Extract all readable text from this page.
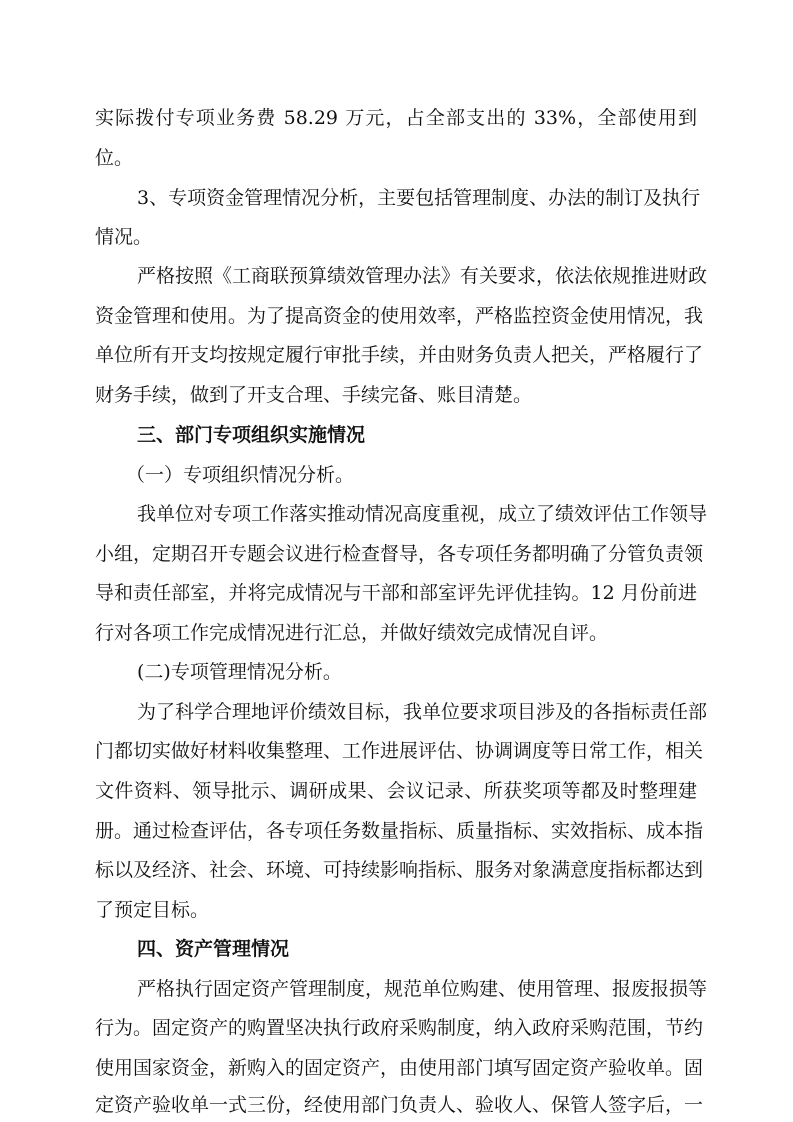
实际拨付专项业务费 58.29 万元，占全部支出的 33%，全部使用到
位。
3、专项资金管理情况分析，主要包括管理制度、办法的制订及执行
情况。
严格按照《工商联预算绩效管理办法》有关要求，依法依规推进财政
资金管理和使用。为了提高资金的使用效率，严格监控资金使用情况，我
单位所有开支均按规定履行审批手续，并由财务负责人把关，严格履行了
财务手续，做到了开支合理、手续完备、账目清楚。
三、部门专项组织实施情况
（一）专项组织情况分析。
我单位对专项工作落实推动情况高度重视，成立了绩效评估工作领导
小组，定期召开专题会议进行检查督导，各专项任务都明确了分管负责领
导和责任部室，并将完成情况与干部和部室评先评优挂钩。12 月份前进
行对各项工作完成情况进行汇总，并做好绩效完成情况自评。
(二)专项管理情况分析。
为了科学合理地评价绩效目标，我单位要求项目涉及的各指标责任部
门都切实做好材料收集整理、工作进展评估、协调调度等日常工作，相关
文件资料、领导批示、调研成果、会议记录、所获奖项等都及时整理建
册。通过检查评估，各专项任务数量指标、质量指标、实效指标、成本指
标以及经济、社会、环境、可持续影响指标、服务对象满意度指标都达到
了预定目标。
四、资产管理情况
严格执行固定资产管理制度，规范单位购建、使用管理、报废报损等
行为。固定资产的购置坚决执行政府采购制度，纳入政府采购范围，节约
使用国家资金，新购入的固定资产，由使用部门填写固定资产验收单。固
定资产验收单一式三份，经使用部门负责人、验收人、保管人签字后，一
